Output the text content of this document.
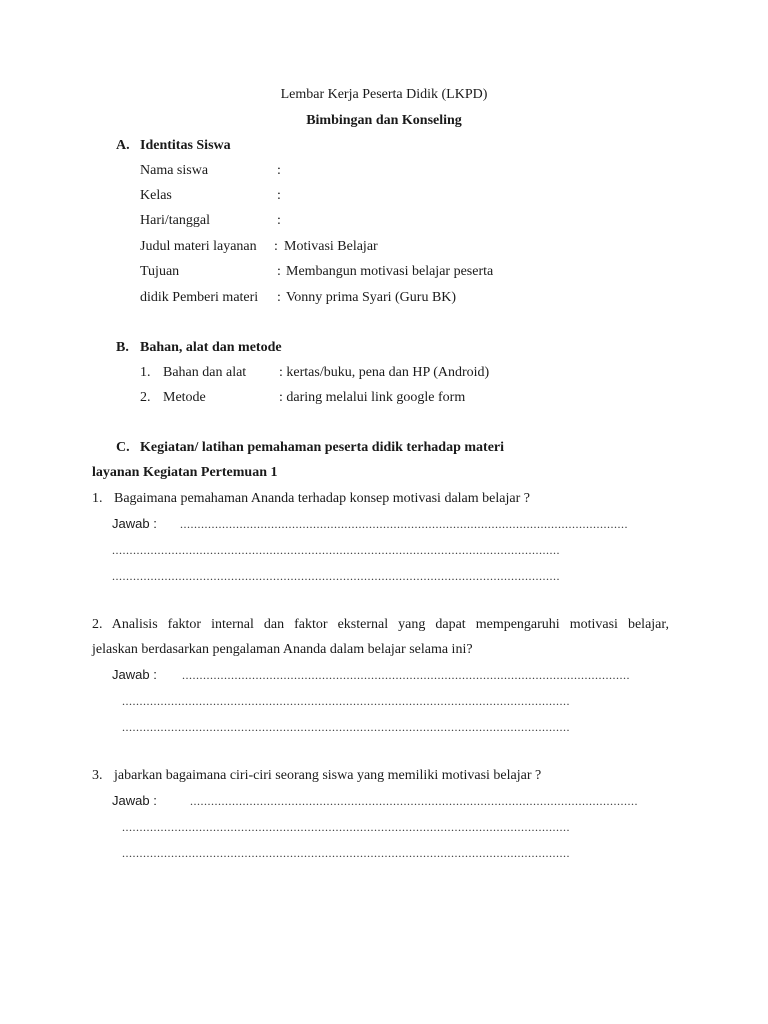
Lembar Kerja Peserta Didik (LKPD)
Bimbingan dan Konseling
A. Identitas Siswa
Nama siswa	:
Kelas	:
Hari/tanggal	:
Judul materi layanan : Motivasi Belajar
Tujuan	: Membangun motivasi belajar peserta
didik Pemberi materi : Vonny prima Syari (Guru BK)
B. Bahan, alat dan metode
1. Bahan dan alat : kertas/buku, pena dan HP (Android)
2. Metode	: daring melalui link google form
C. Kegiatan/ latihan pemahaman peserta didik terhadap materi
layanan Kegiatan Pertemuan 1
1. Bagaimana pemahaman Ananda terhadap konsep motivasi dalam belajar ?
Jawab : ................................................................................................................................
................................................................................................................................
................................................................................................................................
2. Analisis faktor internal dan faktor eksternal yang dapat mempengaruhi motivasi belajar,
jelaskan berdasarkan pengalaman Ananda dalam belajar selama ini?
Jawab : ................................................................................................................................
................................................................................................................................
................................................................................................................................
3. jabarkan bagaimana ciri-ciri seorang siswa yang memiliki motivasi belajar ?
Jawab :	................................................................................................................................
................................................................................................................................
................................................................................................................................
